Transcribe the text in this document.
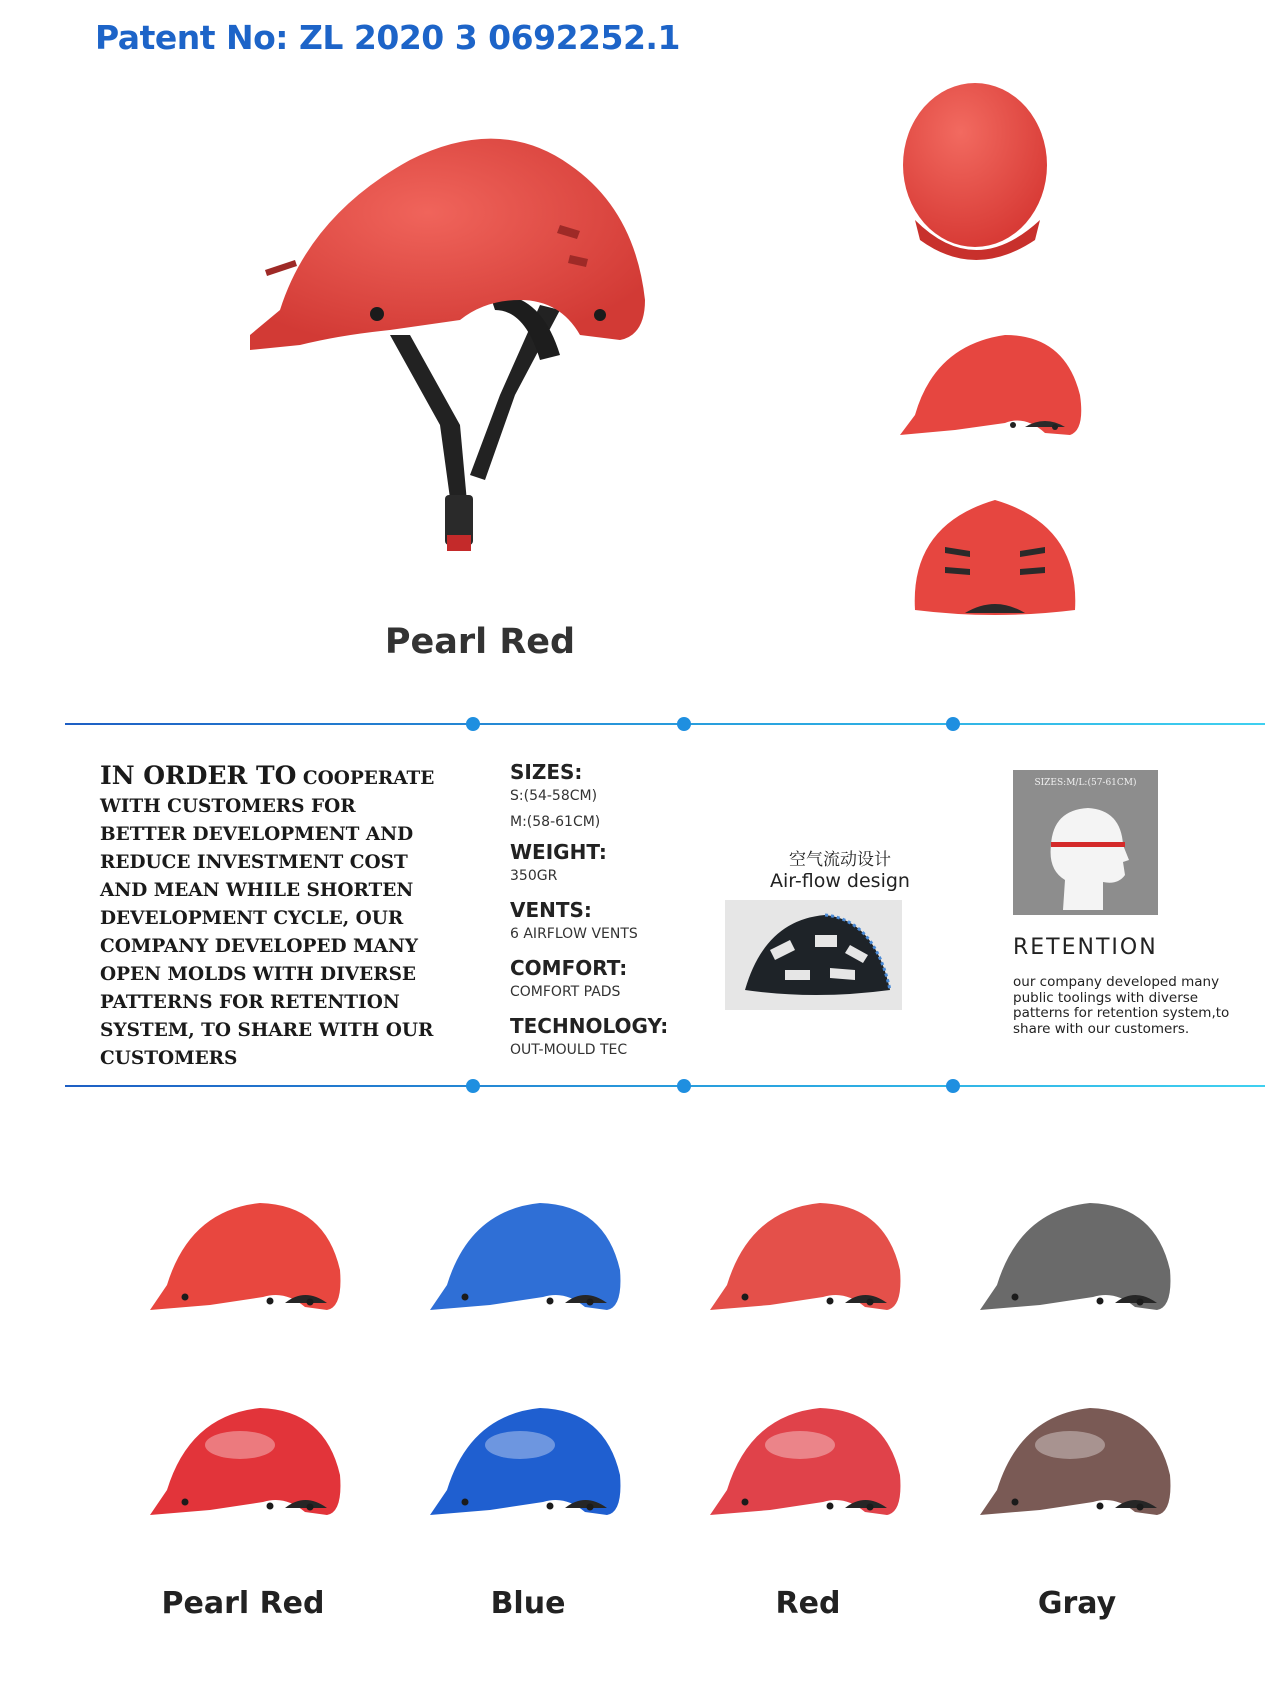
Patent No: ZL 2020 3 0692252.1
Pearl Red
IN ORDER TO COOPERATE WITH CUSTOMERS FOR BETTER DEVELOPMENT AND REDUCE INVESTMENT COST AND MEAN WHILE SHORTEN DEVELOPMENT CYCLE, OUR COMPANY DEVELOPED MANY OPEN MOLDS WITH DIVERSE PATTERNS FOR RETENTION SYSTEM, TO SHARE WITH OUR CUSTOMERS
SIZES:
S:(54-58CM)
M:(58-61CM)
WEIGHT:
350GR
VENTS:
6 AIRFLOW VENTS
COMFORT:
COMFORT PADS
TECHNOLOGY:
OUT-MOULD TEC
空气流动设计
Air-flow design
SIZES:M/L:(57-61CM)
RETENTION
our company developed many public toolings with diverse patterns for retention system,to share with our customers.
Pearl Red	Blue	Red	Gray
